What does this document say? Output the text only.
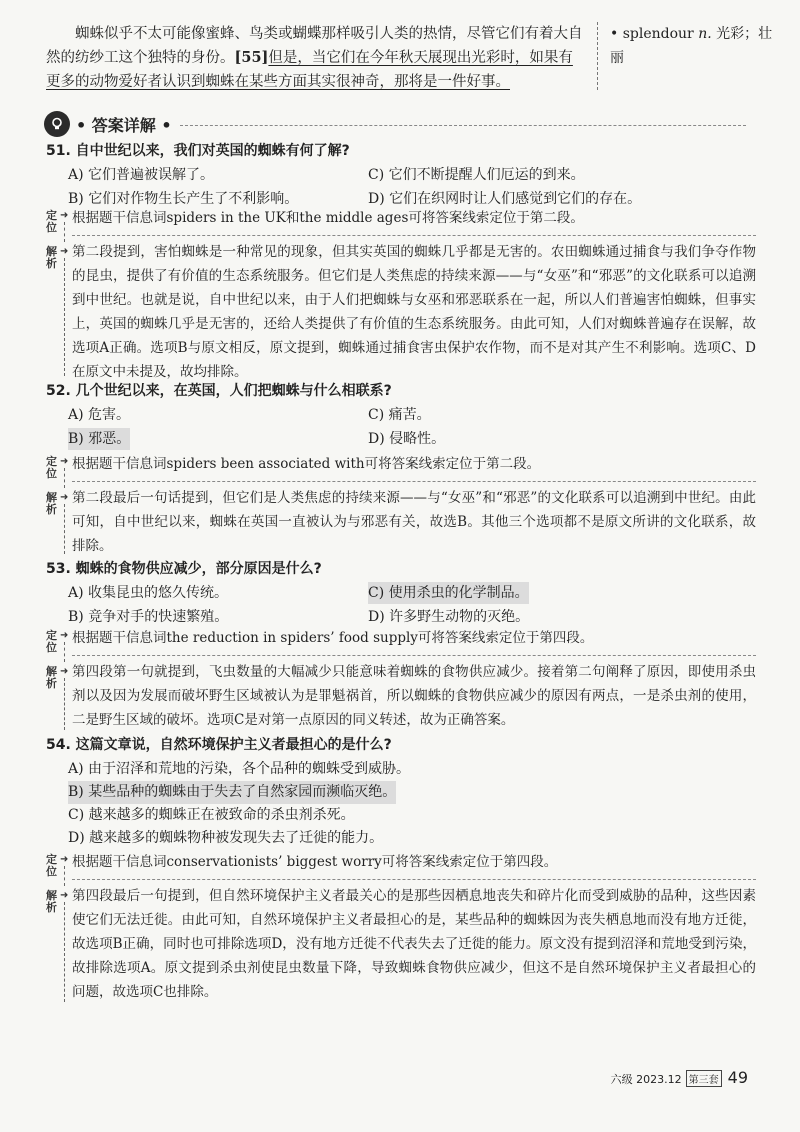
蜘蛛似乎不太可能像蜜蜂、鸟类或蝴蝶那样吸引人类的热情，尽管它们有着大自然的纺纱工这个独特的身份。[55]但是，当它们在今年秋天展现出光彩时，如果有更多的动物爱好者认识到蜘蛛在某些方面其实很神奇，那将是一件好事。
• splendour n. 光彩；壮丽
• 答案详解 •
51. 自中世纪以来，我们对英国的蜘蛛有何了解?
A) 它们普遍被误解了。	C) 它们不断提醒人们厄运的到来。
B) 它们对作物生长产生了不利影响。	D) 它们在织网时让人们感觉到它们的存在。
定位
➜ 根据题干信息词spiders in the UK和the middle ages可将答案线索定位于第二段。
解析
➜ 第二段提到，害怕蜘蛛是一种常见的现象，但其实英国的蜘蛛几乎都是无害的。农田蜘蛛通过捕食与我们争夺作物的昆虫，提供了有价值的生态系统服务。但它们是人类焦虑的持续来源——与“女巫”和“邪恶”的文化联系可以追溯到中世纪。也就是说，自中世纪以来，由于人们把蜘蛛与女巫和邪恶联系在一起，所以人们普遍害怕蜘蛛，但事实上，英国的蜘蛛几乎是无害的，还给人类提供了有价值的生态系统服务。由此可知，人们对蜘蛛普遍存在误解，故选项A正确。选项B与原文相反，原文提到，蜘蛛通过捕食害虫保护农作物，而不是对其产生不利影响。选项C、D在原文中未提及，故均排除。
52. 几个世纪以来，在英国，人们把蜘蛛与什么相联系?
A) 危害。	C) 痛苦。
B) 邪恶。	D) 侵略性。
定位
➜ 根据题干信息词spiders been associated with可将答案线索定位于第二段。
解析
➜ 第二段最后一句话提到，但它们是人类焦虑的持续来源——与“女巫”和“邪恶”的文化联系可以追溯到中世纪。由此可知，自中世纪以来，蜘蛛在英国一直被认为与邪恶有关，故选B。其他三个选项都不是原文所讲的文化联系，故排除。
53. 蜘蛛的食物供应减少，部分原因是什么?
A) 收集昆虫的悠久传统。	C) 使用杀虫的化学制品。
B) 竞争对手的快速繁殖。	D) 许多野生动物的灭绝。
定位
➜ 根据题干信息词the reduction in spiders’ food supply可将答案线索定位于第四段。
解析
➜ 第四段第一句就提到，飞虫数量的大幅减少只能意味着蜘蛛的食物供应减少。接着第二句阐释了原因，即使用杀虫剂以及因为发展而破坏野生区域被认为是罪魁祸首，所以蜘蛛的食物供应减少的原因有两点，一是杀虫剂的使用，二是野生区域的破坏。选项C是对第一点原因的同义转述，故为正确答案。
54. 这篇文章说，自然环境保护主义者最担心的是什么?
A) 由于沼泽和荒地的污染，各个品种的蜘蛛受到威胁。
B) 某些品种的蜘蛛由于失去了自然家园而濒临灭绝。
C) 越来越多的蜘蛛正在被致命的杀虫剂杀死。
D) 越来越多的蜘蛛物种被发现失去了迁徙的能力。
定位
➜ 根据题干信息词conservationists’ biggest worry可将答案线索定位于第四段。
解析
➜ 第四段最后一句提到，但自然环境保护主义者最关心的是那些因栖息地丧失和碎片化而受到威胁的品种，这些因素使它们无法迁徙。由此可知，自然环境保护主义者最担心的是，某些品种的蜘蛛因为丧失栖息地而没有地方迁徙，故选项B正确，同时也可排除选项D，没有地方迁徙不代表失去了迁徙的能力。原文没有提到沼泽和荒地受到污染，故排除选项A。原文提到杀虫剂使昆虫数量下降，导致蜘蛛食物供应减少，但这不是自然环境保护主义者最担心的问题，故选项C也排除。
六级 2023.12 第三套 49
